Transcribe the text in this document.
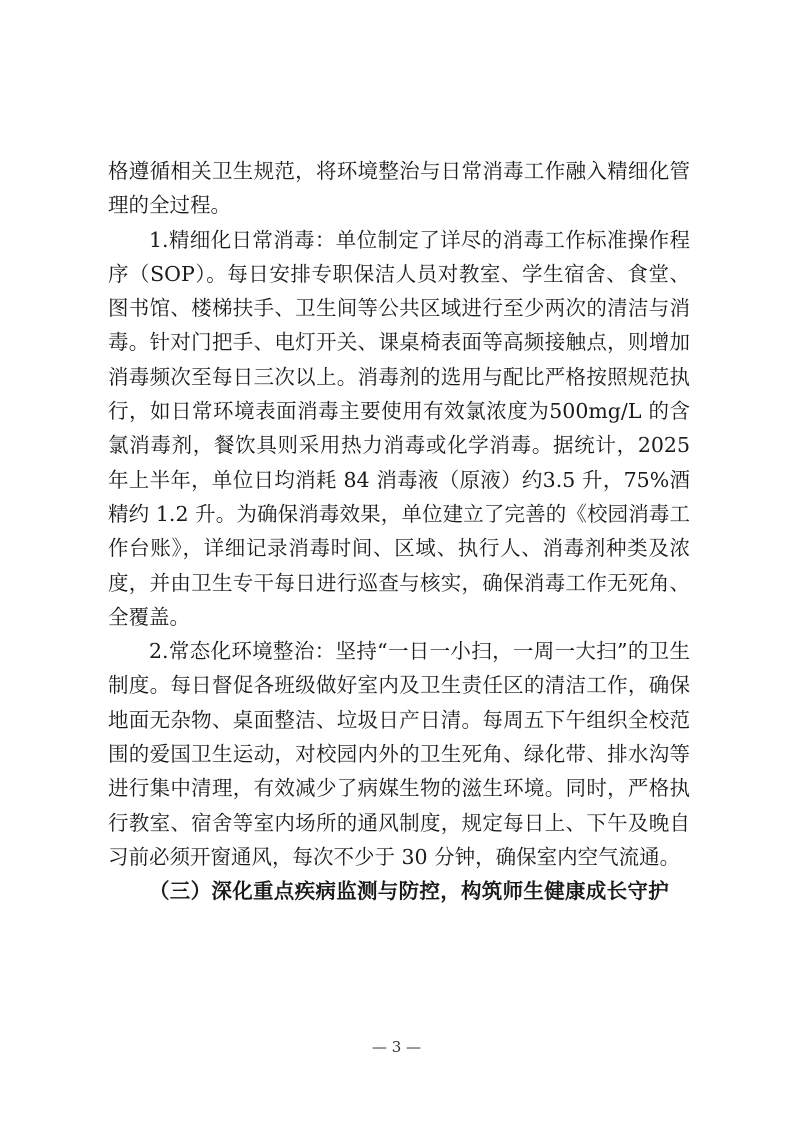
格遵循相关卫生规范，将环境整治与日常消毒工作融入精细化管理的全过程。

1.精细化日常消毒：单位制定了详尽的消毒工作标准操作程序（SOP）。每日安排专职保洁人员对教室、学生宿舍、食堂、图书馆、楼梯扶手、卫生间等公共区域进行至少两次的清洁与消毒。针对门把手、电灯开关、课桌椅表面等高频接触点，则增加消毒频次至每日三次以上。消毒剂的选用与配比严格按照规范执行，如日常环境表面消毒主要使用有效氯浓度为500mg/L 的含氯消毒剂，餐饮具则采用热力消毒或化学消毒。据统计，2025 年上半年，单位日均消耗 84 消毒液（原液）约3.5 升，75%酒精约 1.2 升。为确保消毒效果，单位建立了完善的《校园消毒工作台账》，详细记录消毒时间、区域、执行人、消毒剂种类及浓度，并由卫生专干每日进行巡查与核实，确保消毒工作无死角、全覆盖。

2.常态化环境整治：坚持“一日一小扫，一周一大扫”的卫生制度。每日督促各班级做好室内及卫生责任区的清洁工作，确保地面无杂物、桌面整洁、垃圾日产日清。每周五下午组织全校范围的爱国卫生运动，对校园内外的卫生死角、绿化带、排水沟等进行集中清理，有效减少了病媒生物的滋生环境。同时，严格执行教室、宿舍等室内场所的通风制度，规定每日上、下午及晚自习前必须开窗通风，每次不少于 30 分钟，确保室内空气流通。

（三）深化重点疾病监测与防控，构筑师生健康成长守护

— 3 —
